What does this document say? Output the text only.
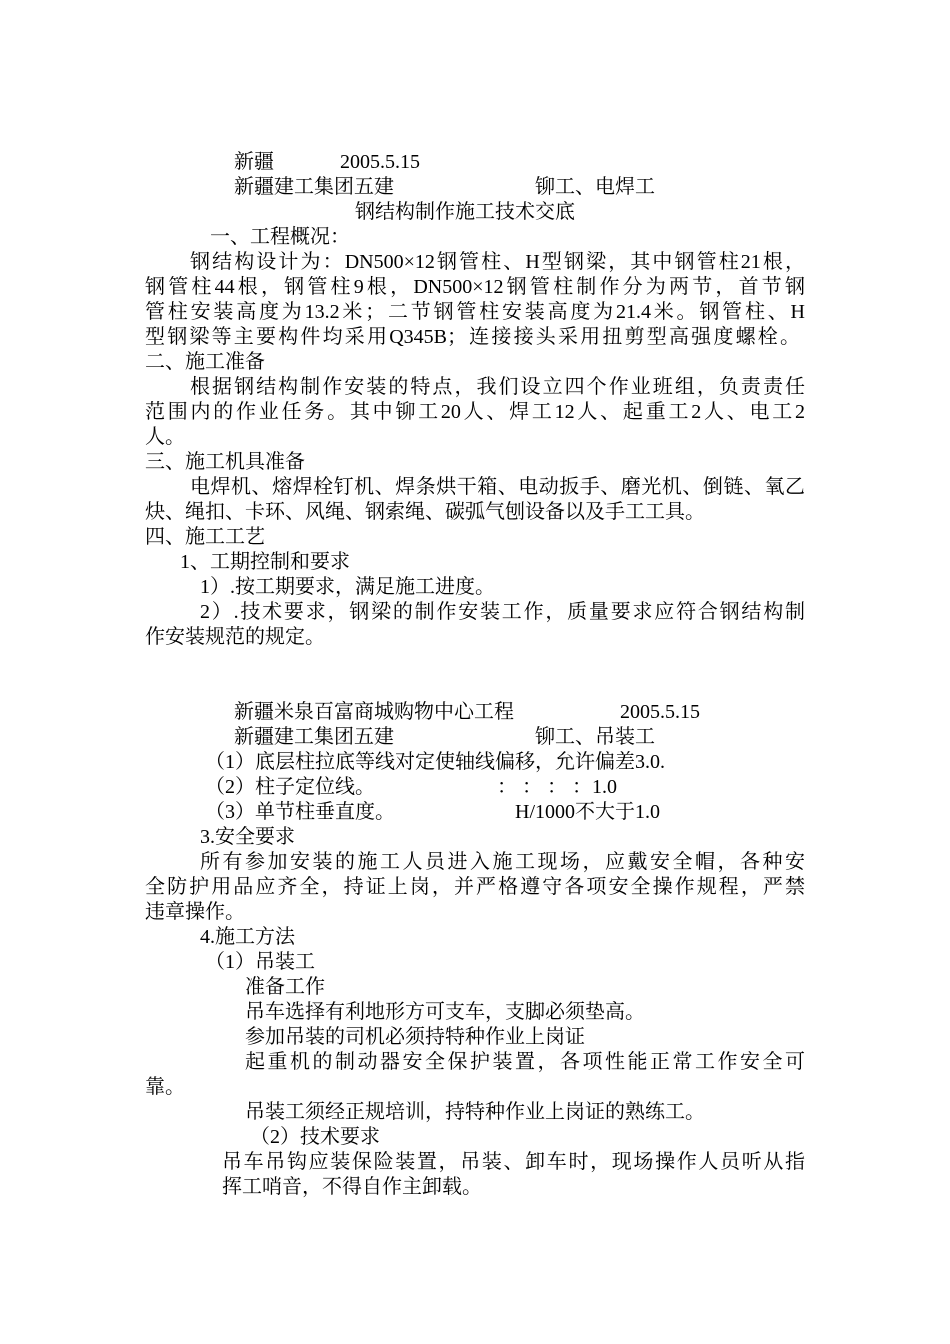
新疆	2005.5.15
新疆建工集团五建	铆工、电焊工
钢结构制作施工技术交底
一、工程概况：
钢结构设计为：DN500×12钢管柱、H型钢梁，其中钢管柱21根，
钢管柱44根，钢管柱9根，DN500×12钢管柱制作分为两节，首节钢
管柱安装高度为13.2米；二节钢管柱安装高度为21.4米。钢管柱、H
型钢梁等主要构件均采用Q345B；连接接头采用扭剪型高强度螺栓。
二、施工准备
根据钢结构制作安装的特点，我们设立四个作业班组，负责责任
范围内的作业任务。其中铆工20人、焊工12人、起重工2人、电工2
人。
三、施工机具准备
电焊机、熔焊栓钉机、焊条烘干箱、电动扳手、磨光机、倒链、氧乙
炔、绳扣、卡环、风绳、钢索绳、碳弧气刨设备以及手工工具。
四、施工工艺
1、工期控制和要求
1）.按工期要求，满足施工进度。
2）.技术要求，钢梁的制作安装工作，质量要求应符合钢结构制
作安装规范的规定。
新疆米泉百富商城购物中心工程	2005.5.15
新疆建工集团五建	铆工、吊装工
（1）底层柱拉底等线对定使轴线偏移，允许偏差3.0.
（2）柱子定位线。	： ： ： ：1.0
（3）单节柱垂直度。	H/1000不大于1.0
3.安全要求
所有参加安装的施工人员进入施工现场，应戴安全帽，各种安
全防护用品应齐全，持证上岗，并严格遵守各项安全操作规程，严禁
违章操作。
4.施工方法
（1）吊装工
准备工作
吊车选择有利地形方可支车，支脚必须垫高。
参加吊装的司机必须持特种作业上岗证
起重机的制动器安全保护装置，各项性能正常工作安全可
靠。
吊装工须经正规培训，持特种作业上岗证的熟练工。
（2）技术要求
吊车吊钩应装保险装置，吊装、卸车时，现场操作人员听从指
挥工哨音，不得自作主卸载。
